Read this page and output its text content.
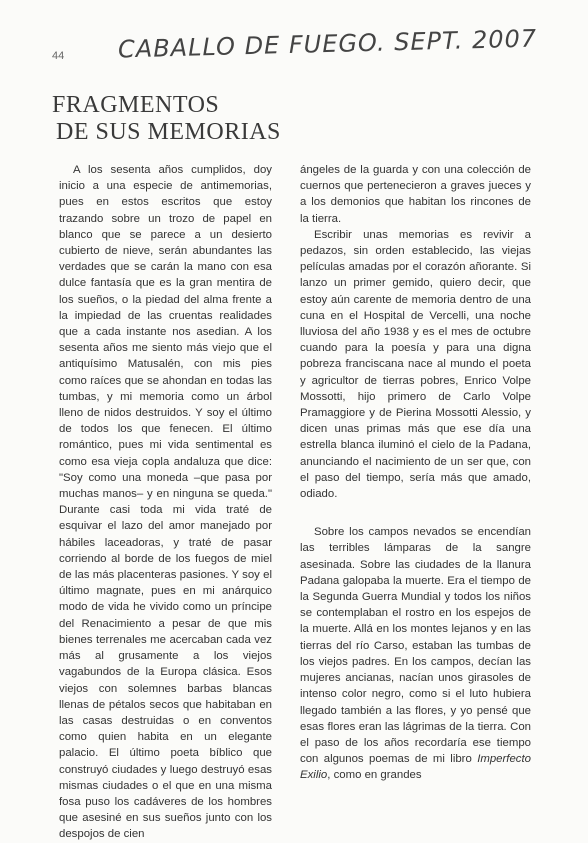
CABALLO DE FUEGO. SEPT. 2007
44
FRAGMENTOS
DE SUS MEMORIAS

A los sesenta años cumplidos, doy inicio a una especie de antimemorias, pues en estos escritos que estoy trazando sobre un trozo de papel en blanco que se parece a un desierto cubierto de nieve, serán abundantes las verdades que se carán la mano con esa dulce fantasía que es la gran mentira de los sueños, o la piedad del alma frente a la impiedad de las cruentas realidades que a cada instante nos asedian. A los sesenta años me siento más viejo que el antiquísimo Matusalén, con mis pies como raíces que se ahondan en todas las tumbas, y mi memoria como un árbol lleno de nidos destruidos. Y soy el último de todos los que fenecen. El último romántico, pues mi vida sentimental es como esa vieja copla andaluza que dice: "Soy como una moneda –que pasa por muchas manos– y en ninguna se queda." Durante casi toda mi vida traté de esquivar el lazo del amor manejado por hábiles laceadoras, y traté de pasar corriendo al borde de los fuegos de miel de las más placenteras pasiones. Y soy el último magnate, pues en mi anárquico modo de vida he vivido como un príncipe del Renacimiento a pesar de que mis bienes terrenales me acercaban cada vez más al grusamente a los viejos vagabundos de la Europa clásica. Esos viejos con solemnes barbas blancas llenas de pétalos secos que habitaban en las casas destruidas o en conventos como quien habita en un elegante palacio. El último poeta bíblico que construyó ciudades y luego destruyó esas mismas ciudades o el que en una misma fosa puso los cadáveres de los hombres que asesiné en sus sueños junto con los despojos de cien

ángeles de la guarda y con una colección de cuernos que pertenecieron a graves jueces y a los demonios que habitan los rincones de la tierra.

Escribir unas memorias es revivir a pedazos, sin orden establecido, las viejas películas amadas por el corazón añorante. Si lanzo un primer gemido, quiero decir, que estoy aún carente de memoria dentro de una cuna en el Hospital de Vercelli, una noche lluviosa del año 1938 y es el mes de octubre cuando para la poesía y para una digna pobreza franciscana nace al mundo el poeta y agricultor de tierras pobres, Enrico Volpe Mossotti, hijo primero de Carlo Volpe Pramaggiore y de Pierina Mossotti Alessio, y dicen unas primas más que ese día una estrella blanca iluminó el cielo de la Padana, anunciando el nacimiento de un ser que, con el paso del tiempo, sería más que amado, odiado.

Sobre los campos nevados se encendían las terribles lámparas de la sangre asesinada. Sobre las ciudades de la llanura Padana galopaba la muerte. Era el tiempo de la Segunda Guerra Mundial y todos los niños se contemplaban el rostro en los espejos de la muerte. Allá en los montes lejanos y en las tierras del río Carso, estaban las tumbas de los viejos padres. En los campos, decían las mujeres ancianas, nacían unos girasoles de intenso color negro, como si el luto hubiera llegado también a las flores, y yo pensé que esas flores eran las lágrimas de la tierra. Con el paso de los años recordaría ese tiempo con algunos poemas de mi libro Imperfecto Exilio, como en grandes
